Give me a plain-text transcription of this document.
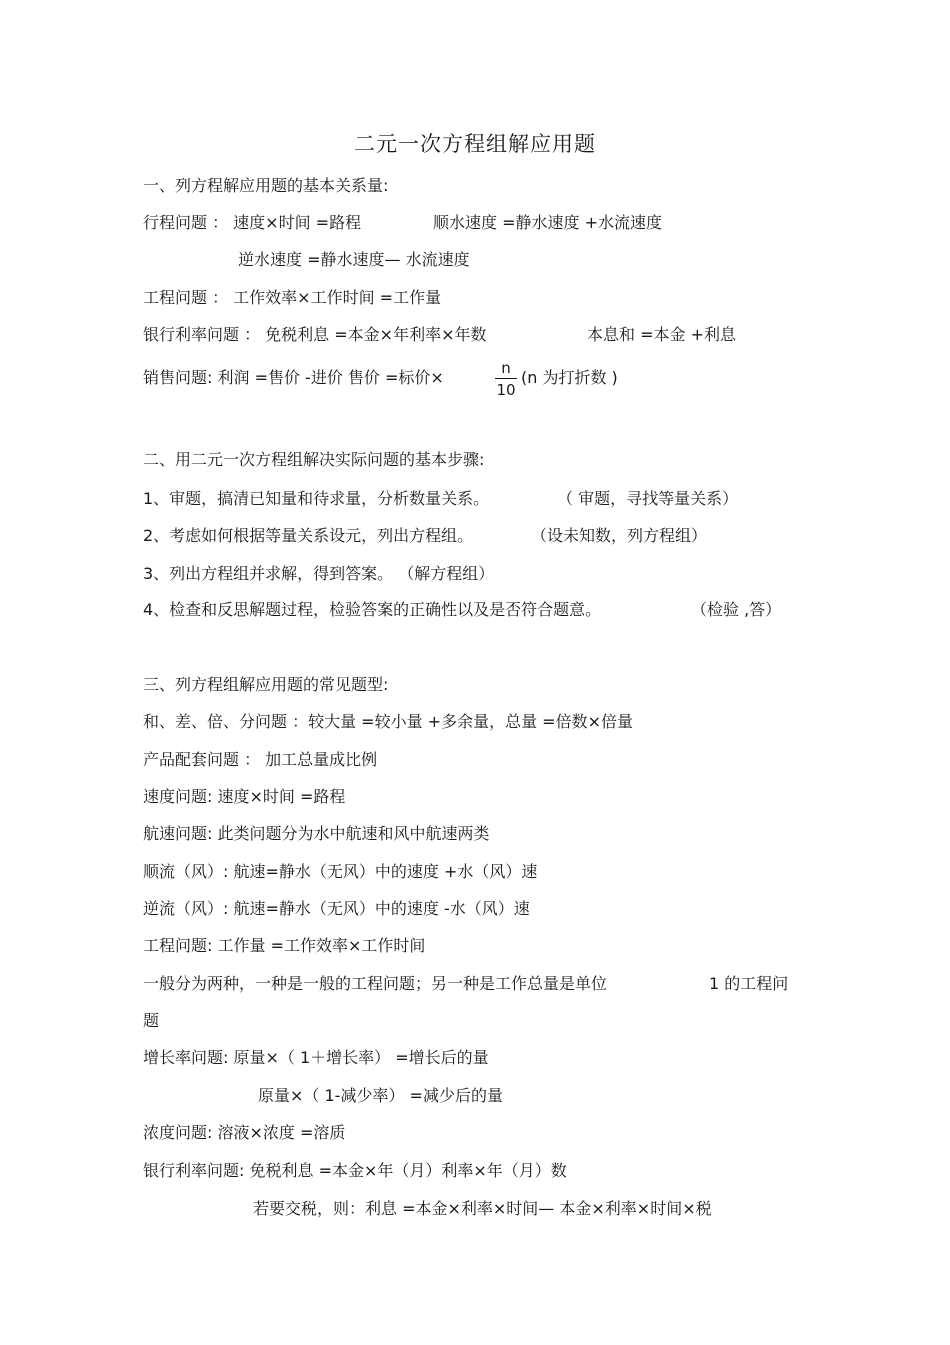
二元一次方程组解应用题
一、列方程解应用题的基本关系量:
行程问题 ： 速度×时间 =路程	顺水速度 =静水速度 +水流速度
逆水速度 =静水速度— 水流速度
工程问题 ： 工作效率×工作时间 =工作量
银行利率问题 ： 免税利息 =本金×年利率×年数	本息和 =本金 +利息
销售问题: 利润 =售价 -进价 售价 =标价×	n
10
(n 为打折数 )
二、用二元一次方程组解决实际问题的基本步骤:
1、审题，搞清已知量和待求量，分析数量关系。	（ 审题，寻找等量关系）
2、考虑如何根据等量关系设元，列出方程组。	（设未知数，列方程组）
3、列出方程组并求解，得到答案。 （解方程组）
4、检查和反思解题过程，检验答案的正确性以及是否符合题意。	（检验 ,答）
三、列方程组解应用题的常见题型:
和、差、倍、分问题 ：较大量 =较小量 +多余量，总量 =倍数×倍量
产品配套问题 ： 加工总量成比例
速度问题: 速度×时间 =路程
航速问题: 此类问题分为水中航速和风中航速两类
顺流（风）: 航速=静水（无风）中的速度 +水（风）速
逆流（风）: 航速=静水（无风）中的速度 -水（风）速
工程问题: 工作量 =工作效率×工作时间
一般分为两种，一种是一般的工程问题；另一种是工作总量是单位	1 的工程问
题
增长率问题: 原量×（ 1＋增长率） =增长后的量
原量×（ 1-减少率） =减少后的量
浓度问题: 溶液×浓度 =溶质
银行利率问题: 免税利息 =本金×年（月）利率×年（月）数
若要交税，则：利息 =本金×利率×时间— 本金×利率×时间×税
